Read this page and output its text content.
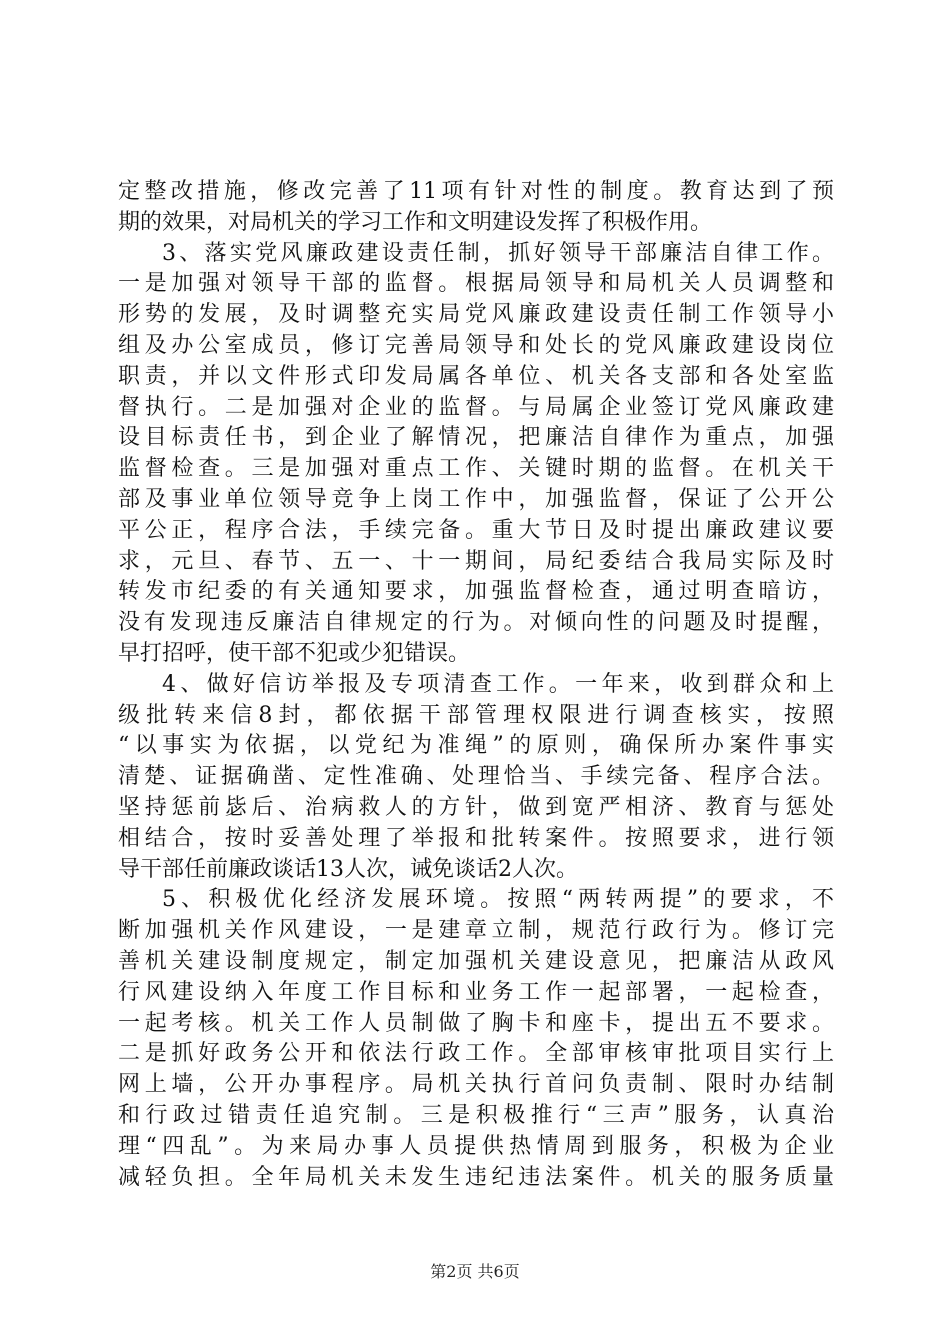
定整改措施，修改完善了11项有针对性的制度。教育达到了预
期的效果，对局机关的学习工作和文明建设发挥了积极作用。
3、落实党风廉政建设责任制，抓好领导干部廉洁自律工作。
一是加强对领导干部的监督。根据局领导和局机关人员调整和
形势的发展，及时调整充实局党风廉政建设责任制工作领导小
组及办公室成员，修订完善局领导和处长的党风廉政建设岗位
职责，并以文件形式印发局属各单位、机关各支部和各处室监
督执行。二是加强对企业的监督。与局属企业签订党风廉政建
设目标责任书，到企业了解情况，把廉洁自律作为重点，加强
监督检查。三是加强对重点工作、关键时期的监督。在机关干
部及事业单位领导竞争上岗工作中，加强监督，保证了公开公
平公正，程序合法，手续完备。重大节日及时提出廉政建议要
求，元旦、春节、五一、十一期间，局纪委结合我局实际及时
转发市纪委的有关通知要求，加强监督检查，通过明查暗访，
没有发现违反廉洁自律规定的行为。对倾向性的问题及时提醒，
早打招呼，使干部不犯或少犯错误。
4、做好信访举报及专项清查工作。一年来，收到群众和上
级批转来信8封，都依据干部管理权限进行调查核实，按照
“以事实为依据，以党纪为准绳”的原则，确保所办案件事实
清楚、证据确凿、定性准确、处理恰当、手续完备、程序合法。
坚持惩前毖后、治病救人的方针，做到宽严相济、教育与惩处
相结合，按时妥善处理了举报和批转案件。按照要求，进行领
导干部任前廉政谈话13人次，诫免谈话2人次。
5、积极优化经济发展环境。按照“两转两提”的要求，不
断加强机关作风建设，一是建章立制，规范行政行为。修订完
善机关建设制度规定，制定加强机关建设意见，把廉洁从政风
行风建设纳入年度工作目标和业务工作一起部署，一起检查，
一起考核。机关工作人员制做了胸卡和座卡，提出五不要求。
二是抓好政务公开和依法行政工作。全部审核审批项目实行上
网上墙，公开办事程序。局机关执行首问负责制、限时办结制
和行政过错责任追究制。三是积极推行“三声”服务，认真治
理“四乱”。为来局办事人员提供热情周到服务，积极为企业
减轻负担。全年局机关未发生违纪违法案件。机关的服务质量
第2页 共6页
